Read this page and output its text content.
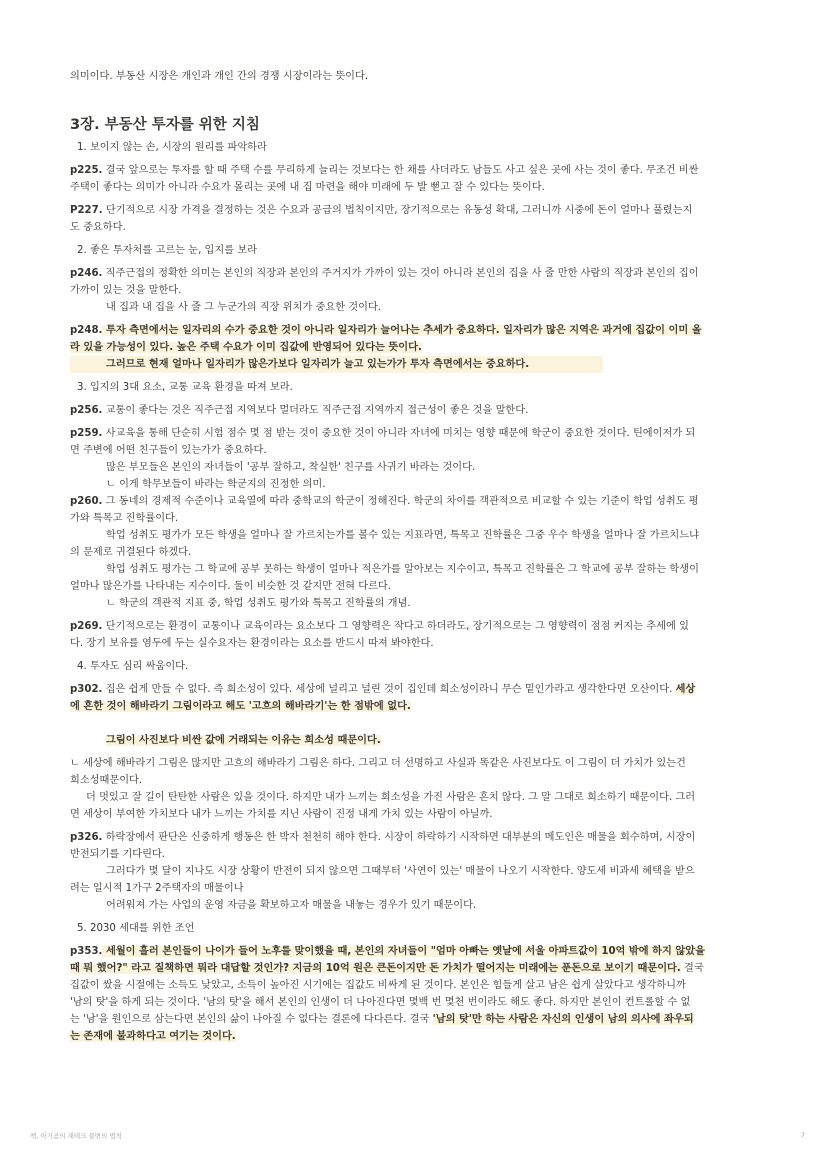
의미이다. 부동산 시장은 개인과 개인 간의 경쟁 시장이라는 뜻이다.

3장. 부동산 투자를 위한 지침

1. 보이지 않는 손, 시장의 원리를 파악하라

p225. 결국 앞으로는 투자를 할 때 주택 수를 무리하게 늘리는 것보다는 한 채를 사더라도 남들도 사고 싶은 곳에 사는 것이 좋다. 무조건 비싼

주택이 좋다는 의미가 아니라 수요가 몰리는 곳에 내 집 마련을 해야 미래에 두 발 뻗고 잘 수 있다는 뜻이다.

P227. 단기적으로 시장 가격을 결정하는 것은 수요과 공급의 법칙이지만, 장기적으로는 유동성 확대, 그러니까 시중에 돈이 얼마나 풀렸는지

도 중요하다.

2. 좋은 투자처를 고르는 눈, 입지를 보라

p246. 직주근접의 정확한 의미는 본인의 직장과 본인의 주거지가 가까이 있는 것이 아니라 본인의 집을 사 줄 만한 사람의 직장과 본인의 집이

가까이 있는 것을 말한다.

내 집과 내 집을 사 줄 그 누군가의 직장 위치가 중요한 것이다.

p248. 투자 측면에서는 일자리의 수가 중요한 것이 아니라 일자리가 늘어나는 추세가 중요하다. 일자리가 많은 지역은 과거에 집값이 이미 올

라 있을 가능성이 있다. 높은 주택 수요가 이미 집값에 반영되어 있다는 뜻이다.

그러므로 현재 얼마나 일자리가 많은가보다 일자리가 늘고 있는가가 투자 측면에서는 중요하다.

3. 입지의 3대 요소, 교통 교육 환경을 따져 보라.

p256. 교통이 좋다는 것은 직주근접 지역보다 멀더라도 직주근접 지역까지 접근성이 좋은 것을 말한다.

p259. 사교육을 통해 단순히 시험 점수 몇 점 받는 것이 중요한 것이 아니라 자녀에 미치는 영향 때문에 학군이 중요한 것이다. 틴에이저가 되

면 주변에 어떤 친구들이 있는가가 중요하다.

많은 부모들은 본인의 자녀들이 '공부 잘하고, 착실한' 친구를 사귀기 바라는 것이다.

ㄴ 이게 학무보들이 바라는 학군지의 진정한 의미.

p260. 그 동네의 경제적 수준이나 교육열에 따라 중학교의 학군이 정해진다. 학군의 차이를 객관적으로 비교할 수 있는 기준이 학업 성취도 평

가와 특목고 진학률이다.

학업 성취도 평가가 모든 학생을 얼마나 잘 가르치는가를 볼수 있는 지표라면, 특목고 진학률은 그중 우수 학생을 얼마나 잘 가르치느냐

의 문제로 귀결된다 하겠다.

학업 성취도 평가는 그 학교에 공부 못하는 학생이 얼마나 적은가를 알아보는 지수이고, 특목고 진학률은 그 학교에 공부 잘하는 학생이

얼마나 많은가를 나타내는 지수이다. 둘이 비슷한 것 같지만 전혀 다르다.

ㄴ 학군의 객관적 지표 중, 학업 성취도 평가와 특목고 진학률의 개념.

p269. 단기적으로는 환경이 교통이나 교육이라는 요소보다 그 영향력은 작다고 하더라도, 장기적으로는 그 영향력이 점점 커지는 추세에 있

다. 장기 보유를 염두에 두는 실수요자는 환경이라는 요소를 반드시 따져 봐야한다.

4. 투자도 심리 싸움이다.

p302. 집은 쉽게 만들 수 없다. 즉 희소성이 있다. 세상에 널리고 널린 것이 집인데 희소성이라니 무슨 밑인가라고 생각한다면 오산이다. 세상

에 흔한 것이 해바라기 그림이라고 해도 '고흐의 해바라기'는 한 점밖에 없다.

그림이 사진보다 비싼 값에 거래되는 이유는 희소성 때문이다.

ㄴ 세상에 해바라기 그림은 많지만 고흐의 해바라기 그림은 하다. 그리고 더 선명하고 사실과 똑같은 사진보다도 이 그림이 더 가치가 있는건

희소성때문이다.

더 멋있고 잘 길이 탄탄한 사람은 있을 것이다. 하지만 내가 느끼는 희소성을 가진 사람은 흔치 않다. 그 말 그대로 희소하기 때문이다. 그러

면 세상이 부여한 가치보다 내가 느끼는 가치를 지닌 사람이 진정 내게 가치 있는 사람이 아닐까.

p326. 하락장에서 판단은 신중하게 행동은 한 박자 천천히 해야 한다. 시장이 하락하기 시작하면 대부분의 메도인은 매물을 회수하며, 시장이

반전되기를 기다린다.

그러다가 몇 달이 지나도 시장 상황이 반전이 되지 않으면 그때부터 '사연이 있는' 매물이 나오기 시작한다. 양도세 비과세 혜택을 받으

려는 일시적 1가구 2주택자의 매물이나

어려워져 가는 사업의 운영 자금을 확보하고자 매물을 내놓는 경우가 있기 때문이다.

5. 2030 세대를 위한 조언

p353. 세월이 흘러 본인들이 나이가 들어 노후를 맞이했을 때, 본인의 자녀들이 "엄마 아빠는 옛날에 서울 아파트값이 10억 밖에 하지 않았을

때 뭐 했어?" 라고 질책하면 뭐라 대답할 것인가? 지금의 10억 원은 큰돈이지만 돈 가치가 떨어지는 미래에는 푼돈으로 보이기 때문이다. 결국

집값이 쌌을 시절에는 소득도 낮았고, 소득이 높아진 시기에는 집값도 비싸게 된 것이다. 본인은 힘들게 살고 남은 쉽게 살았다고 생각하니까

'남의 탓'을 하게 되는 것이다. '남의 탓'을 해서 본인의 인생이 더 나아진다면 몇백 번 몇천 번이라도 해도 좋다. 하지만 본인이 컨트롤할 수 없

는 '남'을 원인으로 삼는다면 본인의 삶이 나아질 수 없다는 결론에 다다른다. 결국 '남의 탓'만 하는 사람은 자신의 인생이 남의 의사에 좌우되

는 존재에 불과하다고 여기는 것이다.

책, 아기곰의 재테크 불변의 법칙	7
